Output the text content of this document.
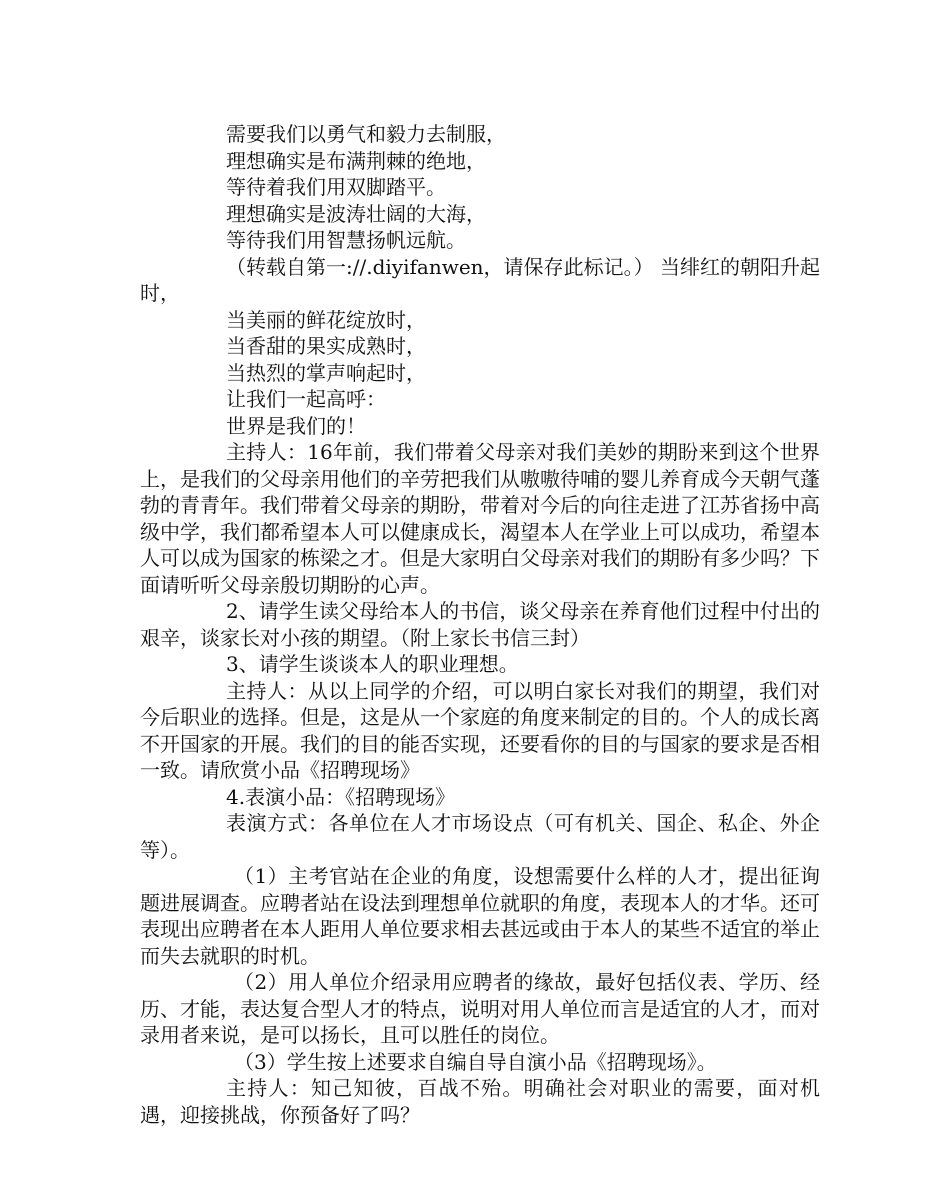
需要我们以勇气和毅力去制服，

理想确实是布满荆棘的绝地，

等待着我们用双脚踏平。

理想确实是波涛壮阔的大海，

等待我们用智慧扬帆远航。

（转载自第一://.diyifanwen，请保存此标记。） 当绯红的朝阳升起时，

当美丽的鲜花绽放时，

当香甜的果实成熟时，

当热烈的掌声响起时，

让我们一起高呼：

世界是我们的！

主持人：16年前，我们带着父母亲对我们美妙的期盼来到这个世界上，是我们的父母亲用他们的辛劳把我们从嗷嗷待哺的婴儿养育成今天朝气蓬勃的青青年。我们带着父母亲的期盼，带着对今后的向往走进了江苏省扬中高级中学，我们都希望本人可以健康成长，渴望本人在学业上可以成功，希望本人可以成为国家的栋梁之才。但是大家明白父母亲对我们的期盼有多少吗？下面请听听父母亲殷切期盼的心声。

2、请学生读父母给本人的书信，谈父母亲在养育他们过程中付出的艰辛，谈家长对小孩的期望。（附上家长书信三封）

3、请学生谈谈本人的职业理想。

主持人：从以上同学的介绍，可以明白家长对我们的期望，我们对今后职业的选择。但是，这是从一个家庭的角度来制定的目的。个人的成长离不开国家的开展。我们的目的能否实现，还要看你的目的与国家的要求是否相一致。请欣赏小品《招聘现场》

4.表演小品：《招聘现场》

表演方式：各单位在人才市场设点（可有机关、国企、私企、外企等）。

（1）主考官站在企业的角度，设想需要什么样的人才，提出征询题进展调查。应聘者站在设法到理想单位就职的角度，表现本人的才华。还可表现出应聘者在本人距用人单位要求相去甚远或由于本人的某些不适宜的举止而失去就职的时机。

（2）用人单位介绍录用应聘者的缘故，最好包括仪表、学历、经历、才能，表达复合型人才的特点，说明对用人单位而言是适宜的人才，而对录用者来说，是可以扬长，且可以胜任的岗位。

（3）学生按上述要求自编自导自演小品《招聘现场》。

主持人：知己知彼，百战不殆。明确社会对职业的需要，面对机遇，迎接挑战，你预备好了吗？
